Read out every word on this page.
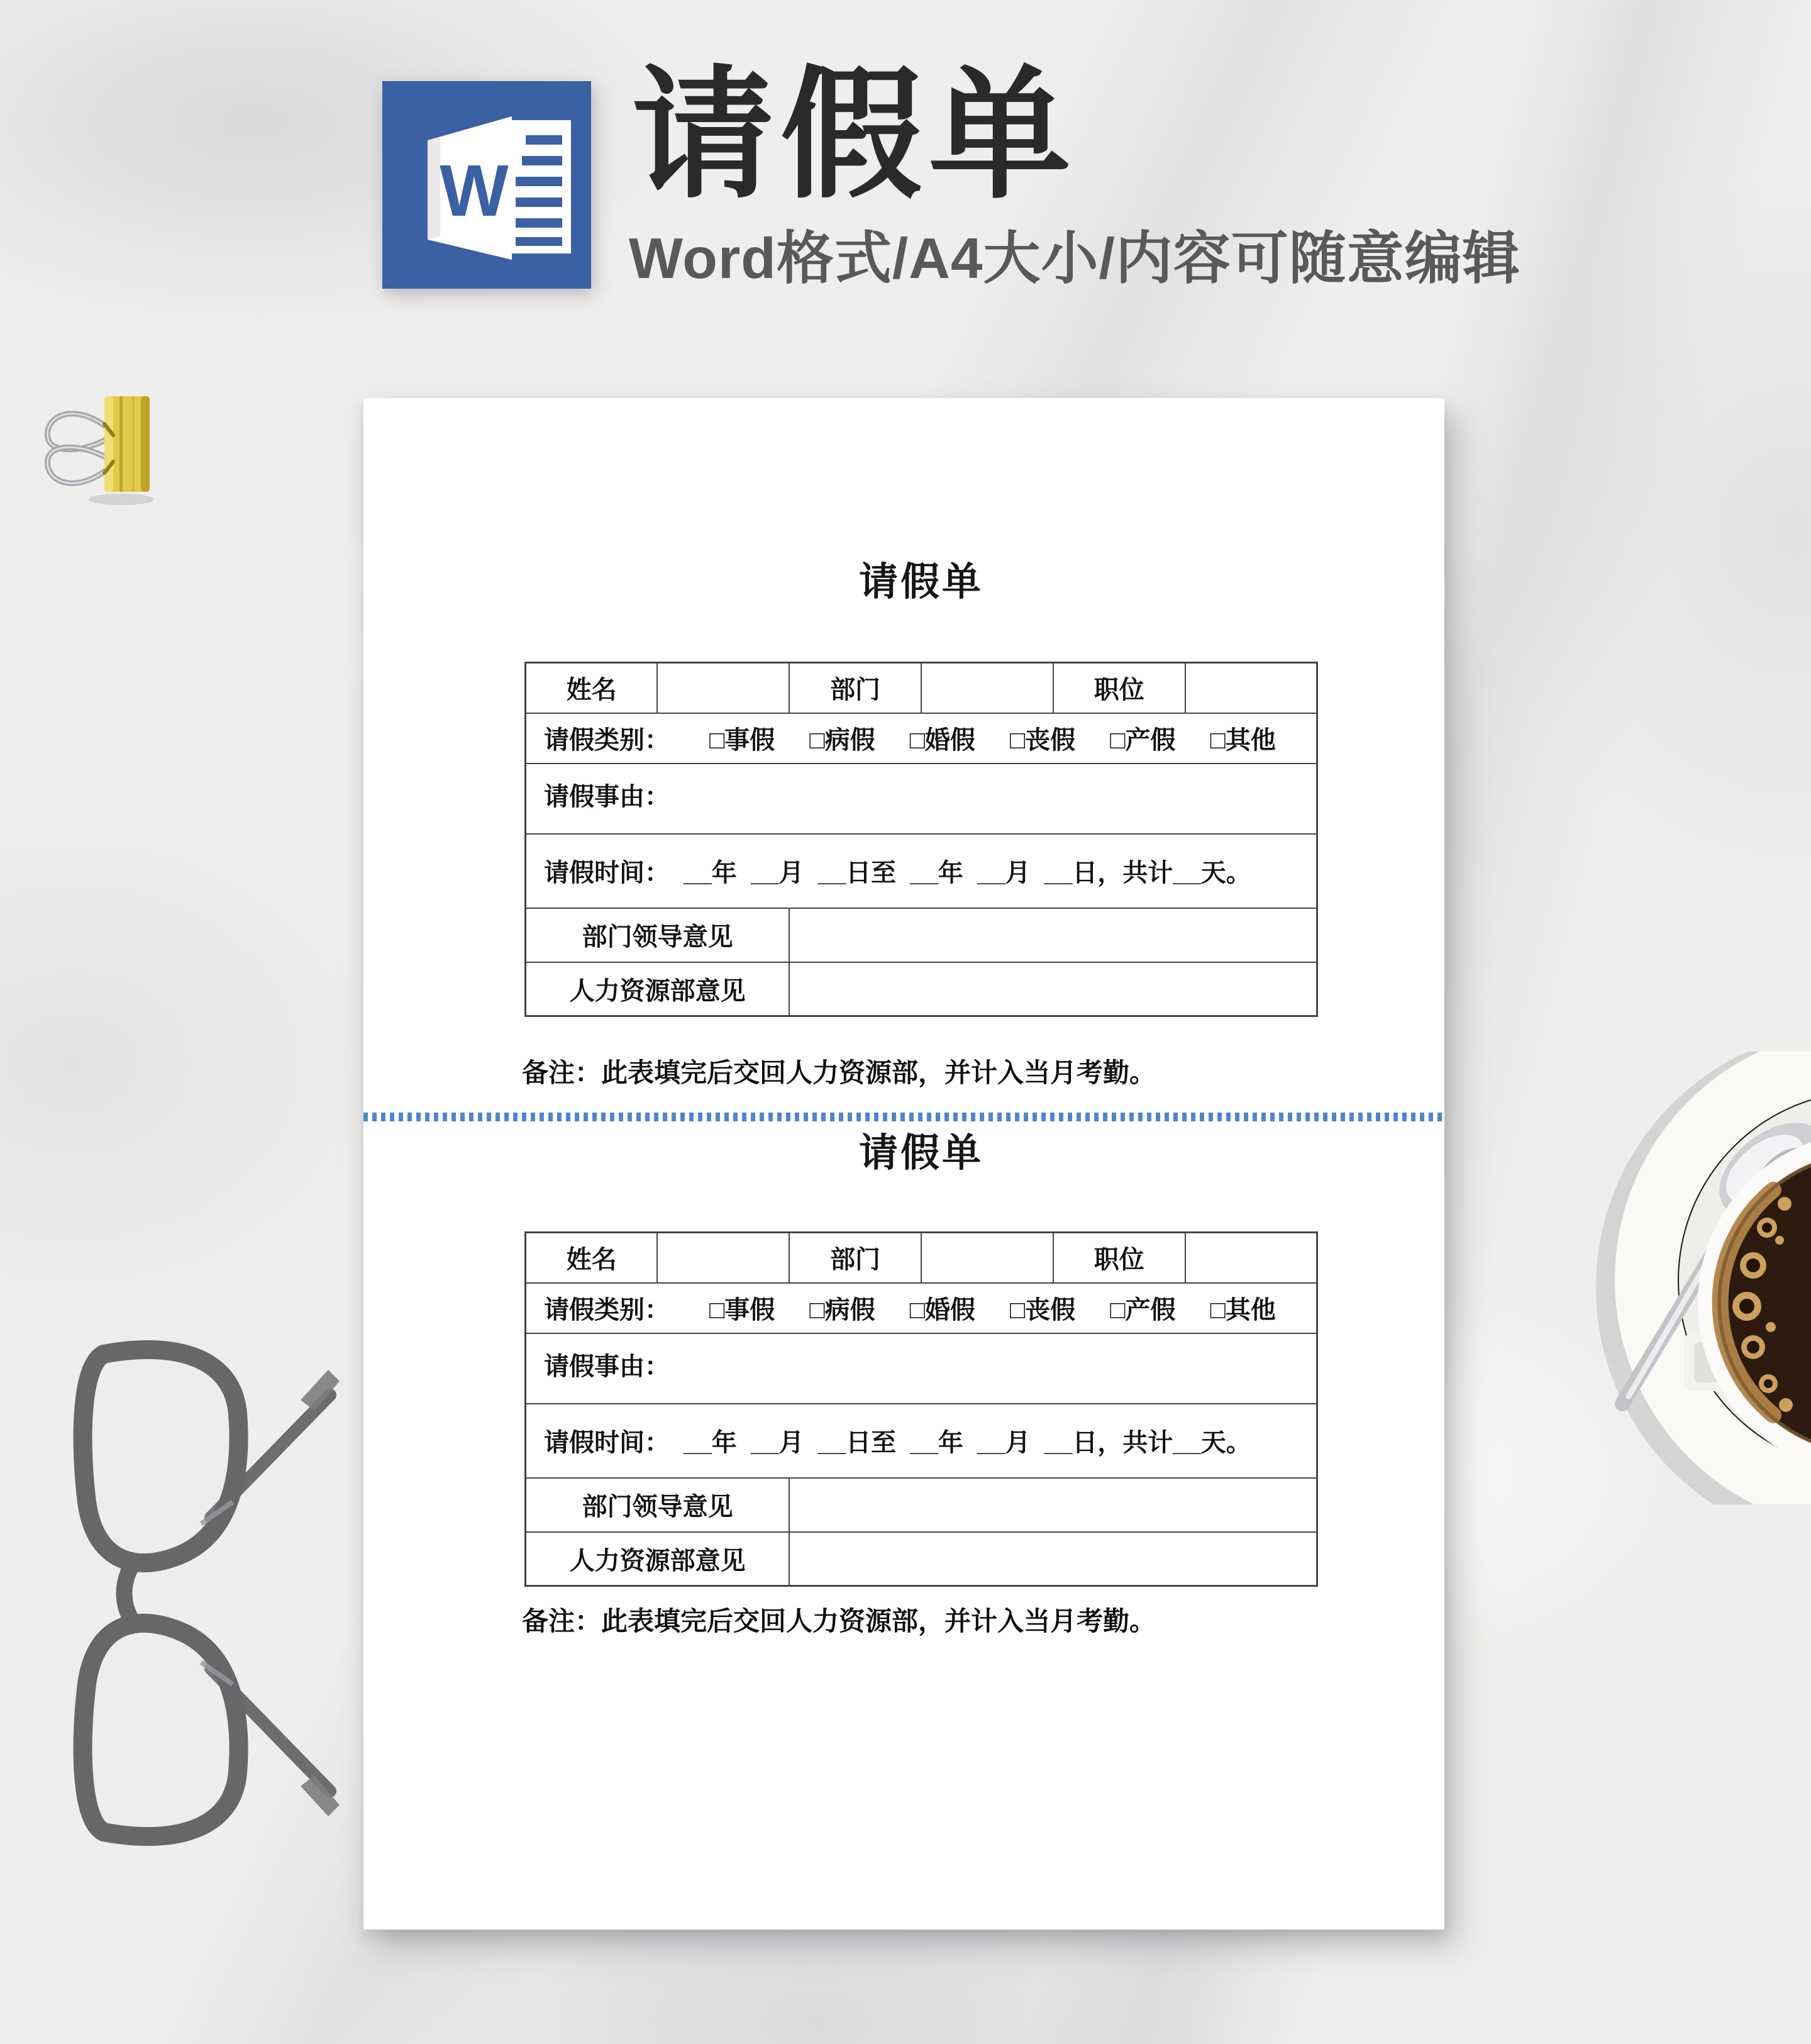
W 请假单

Word格式/A4大小/内容可随意编辑

请假单
姓名		部门		职位	
请假类别： □事假 □病假 □婚假 □丧假 □产假 □其他					
请假事由：					
请假时间：  __年  __月  __日至  __年  __月  __日，共计__天。					
部门领导意见					
人力资源部意见					

备注：此表填完后交回人力资源部，并计入当月考勤。

请假单
姓名		部门		职位	
请假类别： □事假 □病假 □婚假 □丧假 □产假 □其他					
请假事由：					
请假时间：  __年  __月  __日至  __年  __月  __日，共计__天。					
部门领导意见					
人力资源部意见					

备注：此表填完后交回人力资源部，并计入当月考勤。
